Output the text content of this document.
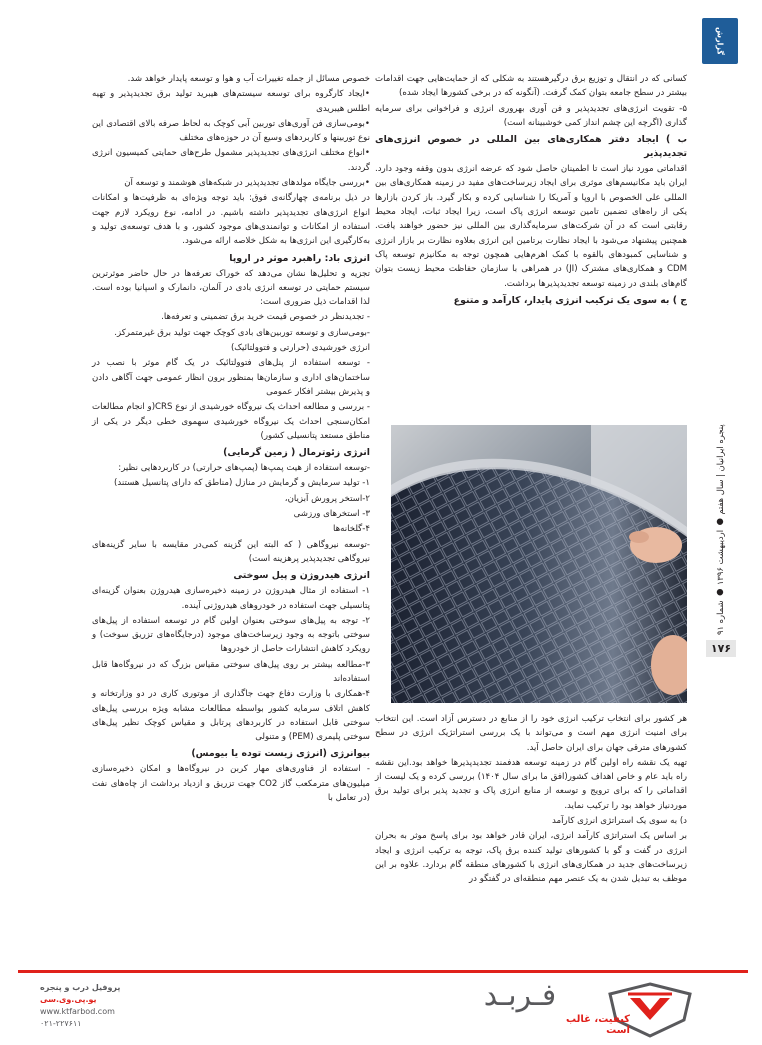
گزارش
پنجره ایرانیان | سال هفتم ● اردیبهشت ۱۳۹۶ ● شماره ۹۱
۱۷۶

کسانی که در انتقال و توزیع برق درگیرهستند به شکلی که از حمایت‌هایی جهت اقدامات بیشتر در سطح جامعه بتوان کمک گرفت. (آنگونه که در برخی کشورها ایجاد شده)

۵- تقویت انرژی‌های تجدیدپذیر و فن آوری بهروری انرژی و فراخوانی برای سرمایه گذاری (اگرچه این چشم انداز کمی خوشبینانه است)

ب ) ایجاد دفتر همکاری‌های بین المللی در خصوص انرژی‌های تجدیدپذیر

اقداماتی مورد نیاز است تا اطمینان حاصل شود که عرضه انرژی بدون وقفه وجود دارد. ایران باید مکانیسم‌های موثری برای ایجاد زیرساخت‌های مفید در زمینه همکاری‌های بین المللی علی الخصوص با اروپا و آمریکا را شناسایی کرده و بکار گیرد. باز کردن بازارها یکی از راه‌های تضمین تامین توسعه انرژی پاک است، زیرا ایجاد ثبات، ایجاد محیط رقابتی است که در آن شرکت‌های سرمایه‌گذاری بین المللی نیز حضور خواهند یافت. همچنین پیشنهاد می‌شود با ایجاد نظارت برتامین این انرژی بعلاوه نظارت بر بازار انرژی و شناسایی کمبودهای بالقوه با کمک اهرم‌هایی همچون توجه به مکانیزم توسعه پاک CDM و همکاری‌های مشترک (JI) در همراهی با سازمان حفاظت محیط زیست بتوان گام‌های بلندی در زمینه توسعه تجدیدپذیرها برداشت.

ج ) به سوی یک ترکیب انرژی پایدار، کارآمد و متنوع

هر کشور برای انتخاب ترکیب انرژی خود را از منابع در دسترس آزاد است. این انتخاب برای امنیت انرژی مهم است و می‌تواند با یک بررسی استراتژیک انرژی در سطح کشورهای مترقی جهان برای ایران حاصل آید.

تهیه یک نقشه راه اولین گام در زمینه توسعه هدفمند تجدیدپذیرها خواهد بود.این نقشه راه باید عام و خاص اهداف کشور(افق ما برای سال ۱۴۰۴) بررسی کرده و یک لیست از اقداماتی را که برای ترویج و توسعه از منابع انرژی پاک و تجدید پذیر برای تولید برق موردنیاز خواهد بود را ترکیب نماید.

د) به سوی یک استراتژی انرژی کارآمد

بر اساس یک استراتژی کارآمد انرژی، ایران قادر خواهد بود برای پاسخ موثر به بحران انرژی در گفت و گو با کشورهای تولید کننده برق پاک، توجه به ترکیب انرژی و ایجاد زیرساخت‌های جدید در همکاری‌های انرژی با کشورهای منطقه گام بردارد. علاوه بر این موظف به تبدیل شدن به یک عنصر مهم منطقه‌ای در گفتگو در

خصوص مسائل از جمله تغییرات آب و هوا و توسعه پایدار خواهد شد.

•ایجاد کارگروه برای توسعه سیستم‌های هیبرید تولید برق تجدیدپذیر و تهیه اطلس هیبریدی

•بومی‌سازی فن آوری‌های توربین آبی کوچک به لحاظ صرفه بالای اقتصادی این نوع توربینها و کاربردهای وسیع آن در حوزه‌های مختلف

•انواع مختلف انرژی‌های تجدیدپذیر مشمول طرح‌های حمایتی کمیسیون انرژی گردند.

•بررسی جایگاه مولدهای تجدیدپذیر در شبکه‌های هوشمند و توسعه آن

در ذیل برنامه‌ی چهارگانه‌ی فوق: باید توجه ویژه‌ای به ظرفیت‌ها و امکانات انواع انرژی‌های تجدیدپذیر داشته باشیم. در ادامه، نوع رویکرد لازم جهت استفاده از امکانات و توانمندی‌های موجود کشور، و با هدف توسعه‌ی تولید و به‌کارگیری این انرژی‌ها به شکل خلاصه ارائه می‌شود.

انرژی باد: راهبرد موثر در اروپا

تجزیه و تحلیل‌ها نشان می‌دهد که خوراک تعرفه‌ها در حال حاضر موثرترین سیستم حمایتی در توسعه انرژی بادی در آلمان، دانمارک و اسپانیا بوده است. لذا اقدامات ذیل ضروری است:

- تجدیدنظر در خصوص قیمت خرید برق تضمینی و تعرفه‌ها.

-بومی‌سازی و توسعه توربین‌های بادی کوچک جهت تولید برق غیرمتمرکز.

انرژی خورشیدی (حرارتی و فتوولتائیک)

- توسعه استفاده از پنل‌های فتوولتائیک در یک گام موثر با نصب در ساختمان‌های اداری و سازمان‌ها بمنظور برون انظار عمومی جهت آگاهی دادن و پذیرش بیشتر افکار عمومی

- بررسی و مطالعه احداث یک نیروگاه خورشیدی از نوع CRS(و انجام مطالعات امکان‌سنجی احداث یک نیروگاه خورشیدی سهموی خطی دیگر در یکی از مناطق مستعد پتانسیلی کشور)

انرژی زئوترمال ( زمین گرمایی)

-توسعه استفاده از هیت پمپ‌ها (پمپ‌های حرارتی) در کاربردهایی نظیر:

۱- تولید سرمایش و گرمایش در منازل (مناطق که دارای پتانسیل هستند)

۲-استخر پرورش آبزیان،

۳- استخرهای ورزشی

۴-گلخانه‌ها

-توسعه نیروگاهی ( که البته این گزینه کمی‌در مقایسه با سایر گزینه‌های نیروگاهی تجدیدپذیر پرهزینه است)

انرژی هیدروژن و پیل سوختی

۱- استفاده از مثال هیدروژن در زمینه ذخیره‌سازی هیدروژن بعنوان گزینه‌ای پتانسیلی جهت استفاده در خودروهای هیدروژنی آینده.

۲- توجه به پیل‌های سوختی بعنوان اولین گام در توسعه استفاده از پیل‌های سوختی باتوجه به وجود زیرساخت‌های موجود (درجایگاه‌های تزریق سوخت) و رویکرد کاهش انتشارات حاصل از خودروها

۳-مطالعه بیشتر بر روی پیل‌های سوختی مقیاس بزرگ که در نیروگاه‌ها قابل استفاده‌اند

۴-همکاری با وزارت دفاع جهت جاگذاری از موتوری کاری در دو وزارتخانه و کاهش اتلاف سرمایه کشور بواسطه مطالعات مشابه ویژه بررسی پیل‌های سوختی قابل استفاده در کاربردهای پرتابل و مقیاس کوچک نظیر پیل‌های سوختی پلیمری (PEM) و متنولی

بیوانرژی (انرژی زیست توده یا بیومس)

- استفاده از فناوری‌های مهار کربن در نیروگاه‌ها و امکان ذخیره‌سازی میلیون‌های مترمکعب گاز CO2 جهت تزریق و ازدیاد برداشت از چاه‌های نفت (در تعامل با

فـربـد
کیفیت، غالب است
پروفیل درب و پنجره
یو.پی.وی.سی
www.ktfarbod.com
۰۲۱-۲۲۷۶۱۱
